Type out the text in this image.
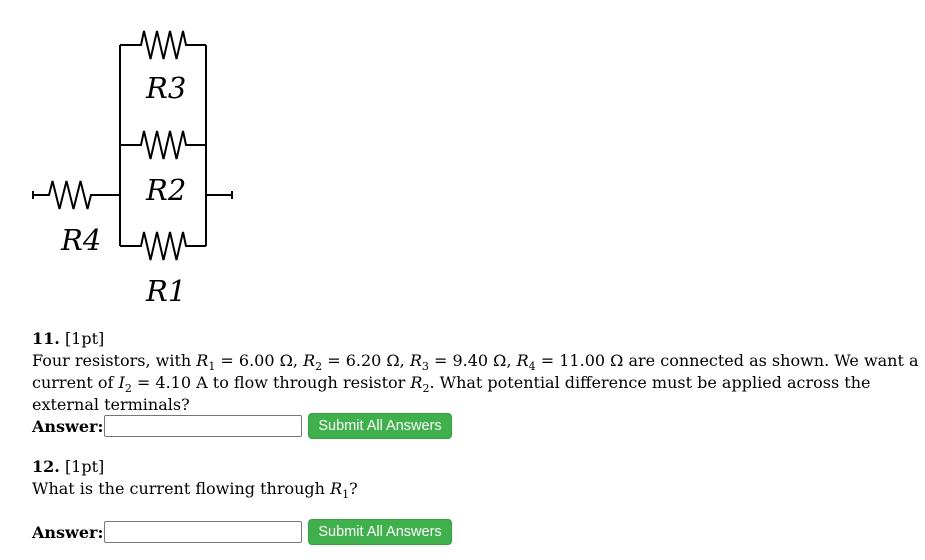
R3
R2
R4
R1
11. [1pt]
Four resistors, with $R_1 = 6.00$ Ω, $R_2 = 6.20$ Ω, $R_3 = 9.40$ Ω, $R_4 = 11.00$ Ω are connected as shown. We want a current of $I_2 = 4.10$ A to flow through resistor $R_2$. What potential difference must be applied across the external terminals?
Answer:	Submit All Answers
12. [1pt]
What is the current flowing through $R_1$?
Answer:	Submit All Answers
